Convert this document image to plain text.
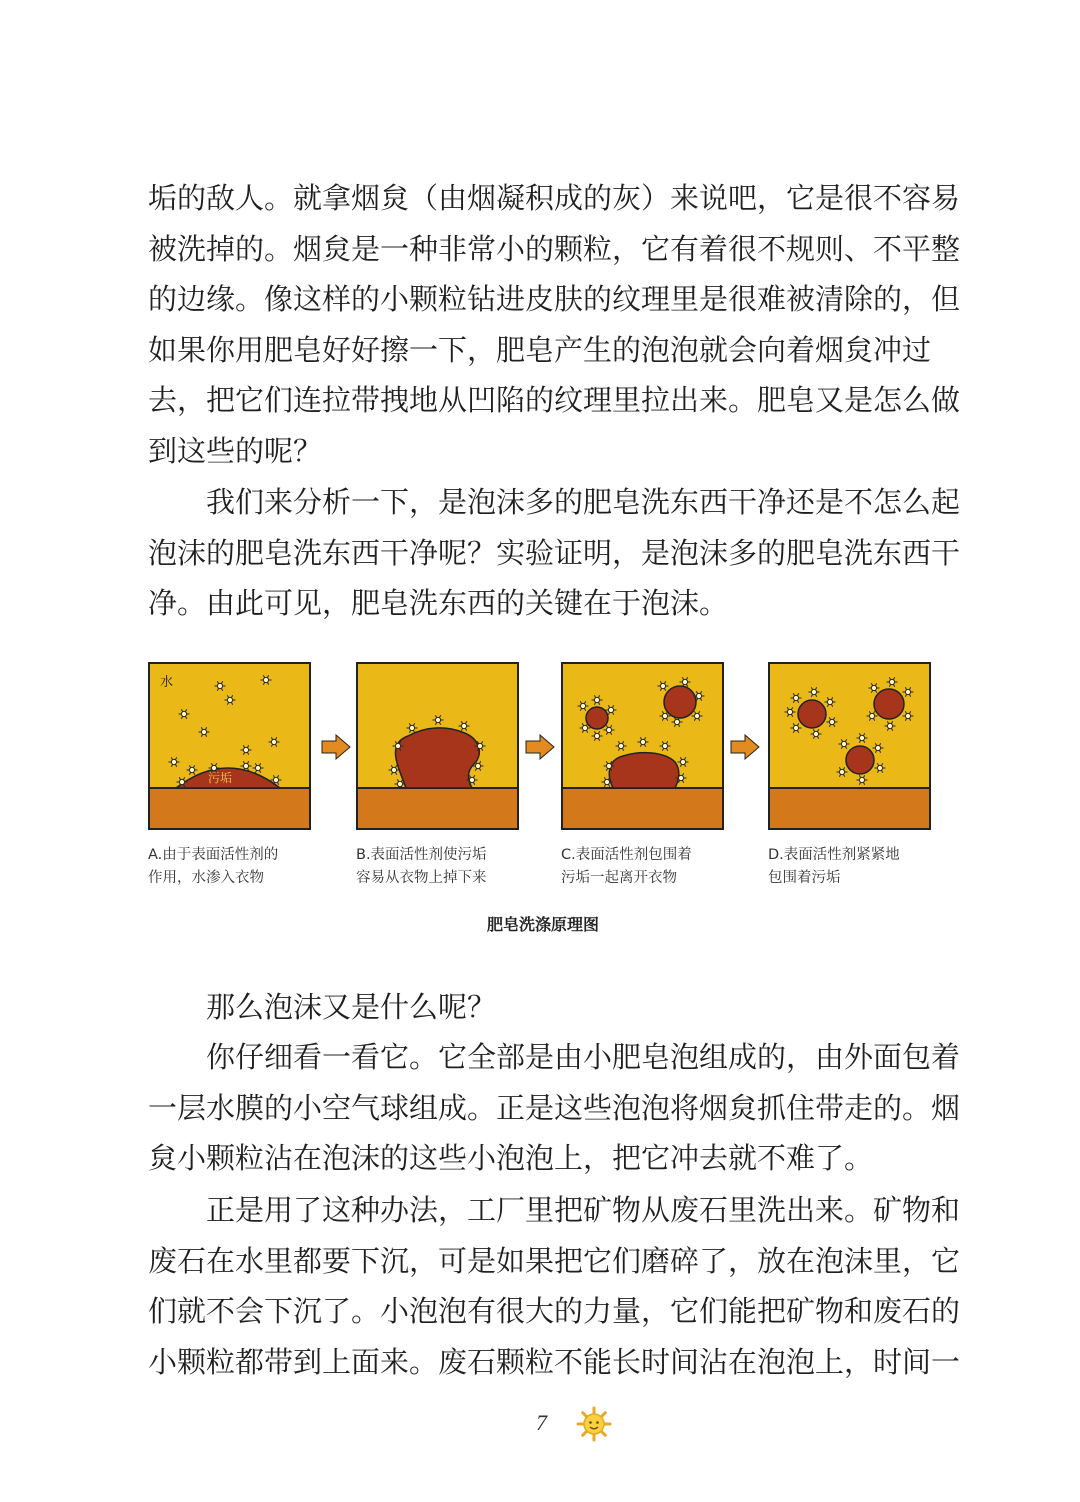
垢的敌人。就拿烟炱（由烟凝积成的灰）来说吧，它是很不容易
被洗掉的。烟炱是一种非常小的颗粒，它有着很不规则、不平整
的边缘。像这样的小颗粒钻进皮肤的纹理里是很难被清除的，但
如果你用肥皂好好擦一下，肥皂产生的泡泡就会向着烟炱冲过
去，把它们连拉带拽地从凹陷的纹理里拉出来。肥皂又是怎么做
到这些的呢？

　　我们来分析一下，是泡沫多的肥皂洗东西干净还是不怎么起
泡沫的肥皂洗东西干净呢？实验证明，是泡沫多的肥皂洗东西干
净。由此可见，肥皂洗东西的关键在于泡沫。

水
污垢
A.由于表面活性剂的
作用，水渗入衣物
B.表面活性剂使污垢
容易从衣物上掉下来
C.表面活性剂包围着
污垢一起离开衣物
D.表面活性剂紧紧地
包围着污垢
肥皂洗涤原理图

　　那么泡沫又是什么呢？

　　你仔细看一看它。它全部是由小肥皂泡组成的，由外面包着
一层水膜的小空气球组成。正是这些泡泡将烟炱抓住带走的。烟
炱小颗粒沾在泡沫的这些小泡泡上，把它冲去就不难了。

　　正是用了这种办法，工厂里把矿物从废石里洗出来。矿物和
废石在水里都要下沉，可是如果把它们磨碎了，放在泡沫里，它
们就不会下沉了。小泡泡有很大的力量，它们能把矿物和废石的
小颗粒都带到上面来。废石颗粒不能长时间沾在泡泡上，时间一

7
